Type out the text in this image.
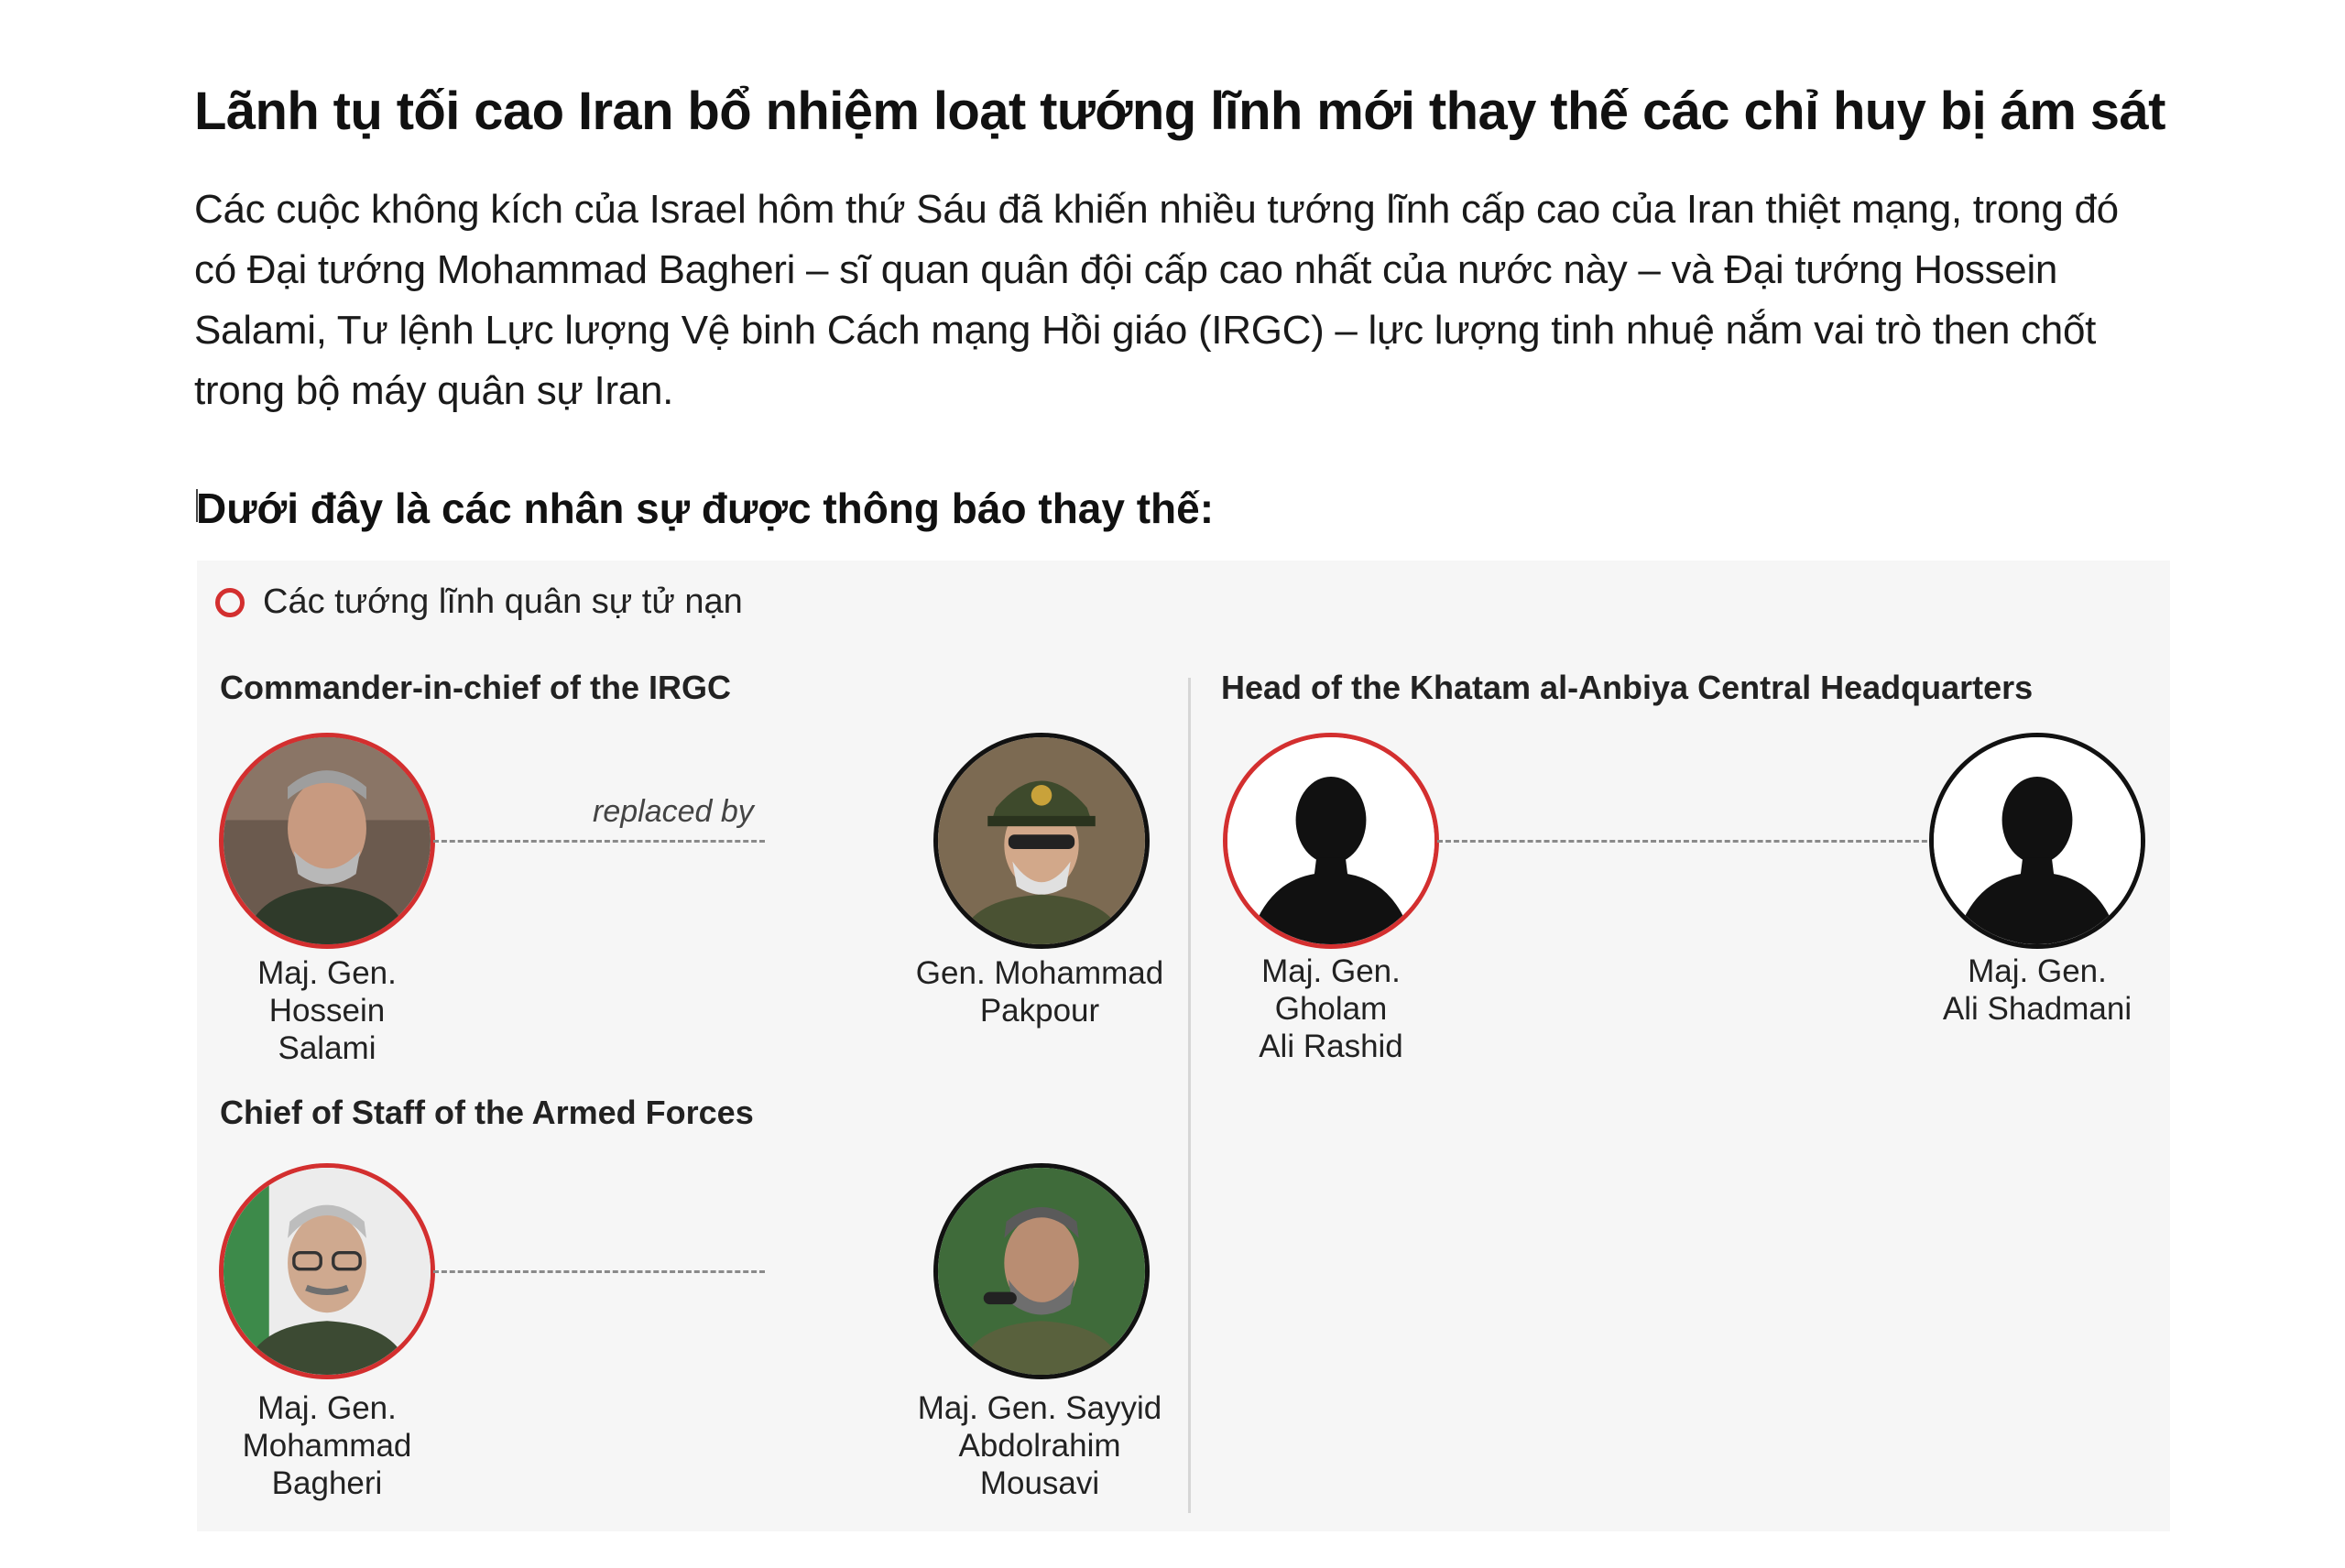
Lãnh tụ tối cao Iran bổ nhiệm loạt tướng lĩnh mới thay thế các chỉ huy bị ám sát
Các cuộc không kích của Israel hôm thứ Sáu đã khiến nhiều tướng lĩnh cấp cao của Iran thiệt mạng, trong đó
có Đại tướng Mohammad Bagheri – sĩ quan quân đội cấp cao nhất của nước này – và Đại tướng Hossein
Salami, Tư lệnh Lực lượng Vệ binh Cách mạng Hồi giáo (IRGC) – lực lượng tinh nhuệ nắm vai trò then chốt
trong bộ máy quân sự Iran.
Dưới đây là các nhân sự được thông báo thay thế:
Các tướng lĩnh quân sự tử nạn
Commander-in-chief of the IRGC
replaced by
Maj. Gen.
Hossein
Salami
Gen. Mohammad
Pakpour
Chief of Staff of the Armed Forces
Maj. Gen.
Mohammad
Bagheri
Maj. Gen. Sayyid
Abdolrahim
Mousavi
Head of the Khatam al-Anbiya Central Headquarters
Maj. Gen.
Gholam
Ali Rashid
Maj. Gen.
Ali Shadmani
